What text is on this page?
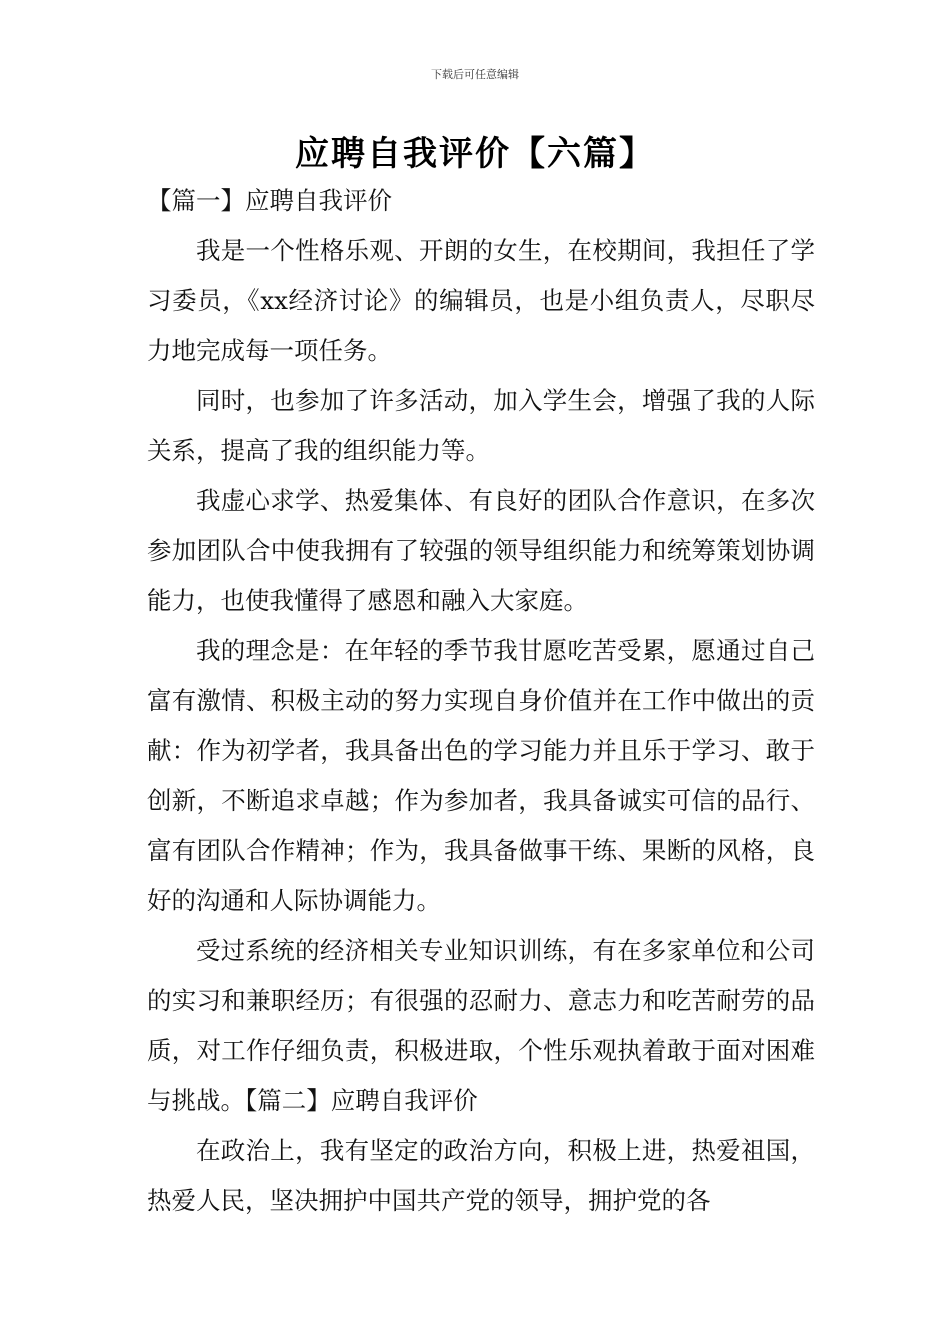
下载后可任意编辑
应聘自我评价【六篇】

【篇一】应聘自我评价

我是一个性格乐观、开朗的女生，在校期间，我担任了学习委员，《xx经济讨论》的编辑员，也是小组负责人，尽职尽力地完成每一项任务。

同时，也参加了许多活动，加入学生会，增强了我的人际关系，提高了我的组织能力等。

我虚心求学、热爱集体、有良好的团队合作意识，在多次参加团队合中使我拥有了较强的领导组织能力和统筹策划协调能力，也使我懂得了感恩和融入大家庭。

我的理念是：在年轻的季节我甘愿吃苦受累，愿通过自己富有激情、积极主动的努力实现自身价值并在工作中做出的贡献：作为初学者，我具备出色的学习能力并且乐于学习、敢于创新，不断追求卓越；作为参加者，我具备诚实可信的品行、富有团队合作精神；作为，我具备做事干练、果断的风格，良好的沟通和人际协调能力。

受过系统的经济相关专业知识训练，有在多家单位和公司的实习和兼职经历；有很强的忍耐力、意志力和吃苦耐劳的品质，对工作仔细负责，积极进取，个性乐观执着敢于面对困难与挑战。【篇二】应聘自我评价

在政治上，我有坚定的政治方向，积极上进，热爱祖国，热爱人民，坚决拥护中国共产党的领导，拥护党的各
